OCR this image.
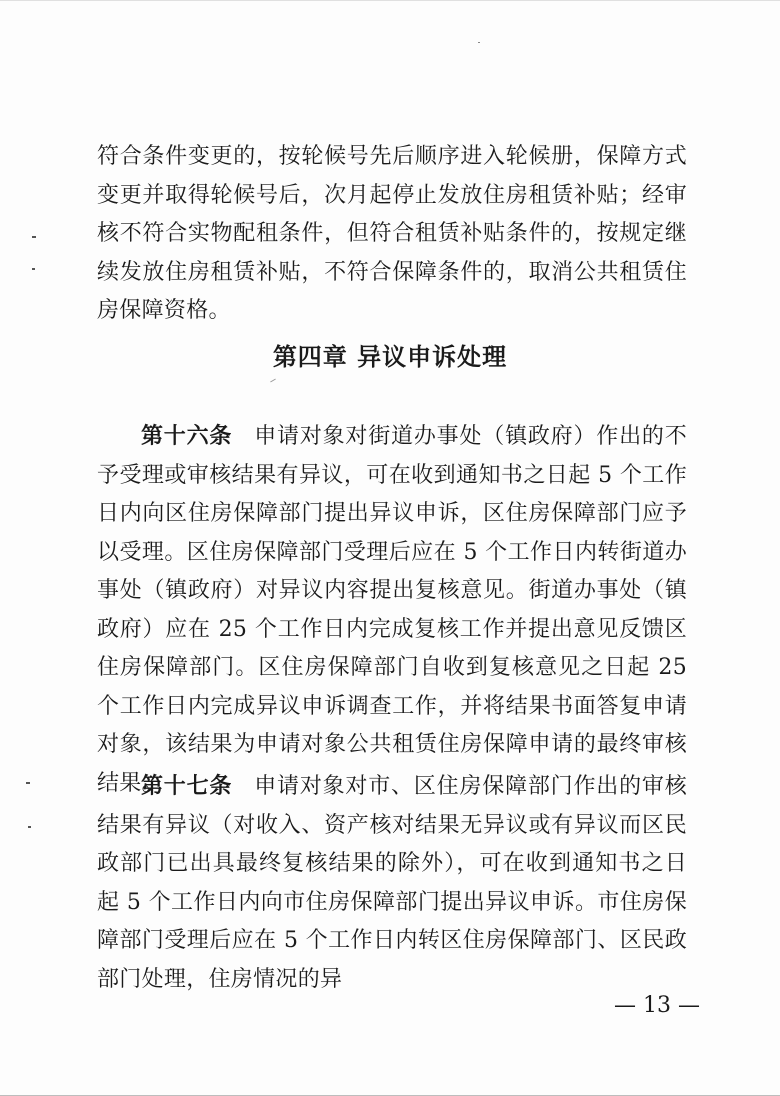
符合条件变更的，按轮候号先后顺序进入轮候册，保障方式变更并取得轮候号后，次月起停止发放住房租赁补贴；经审核不符合实物配租条件，但符合租赁补贴条件的，按规定继续发放住房租赁补贴，不符合保障条件的，取消公共租赁住房保障资格。

第四章 异议申诉处理

第十六条 申请对象对街道办事处（镇政府）作出的不予受理或审核结果有异议，可在收到通知书之日起 5 个工作日内向区住房保障部门提出异议申诉，区住房保障部门应予以受理。区住房保障部门受理后应在 5 个工作日内转街道办事处（镇政府）对异议内容提出复核意见。街道办事处（镇政府）应在 25 个工作日内完成复核工作并提出意见反馈区住房保障部门。区住房保障部门自收到复核意见之日起 25 个工作日内完成异议申诉调查工作，并将结果书面答复申请对象，该结果为申请对象公共租赁住房保障申请的最终审核结果。

第十七条 申请对象对市、区住房保障部门作出的审核结果有异议（对收入、资产核对结果无异议或有异议而区民政部门已出具最终复核结果的除外），可在收到通知书之日起 5 个工作日内向市住房保障部门提出异议申诉。市住房保障部门受理后应在 5 个工作日内转区住房保障部门、区民政部门处理，住房情况的异

— 13 —
